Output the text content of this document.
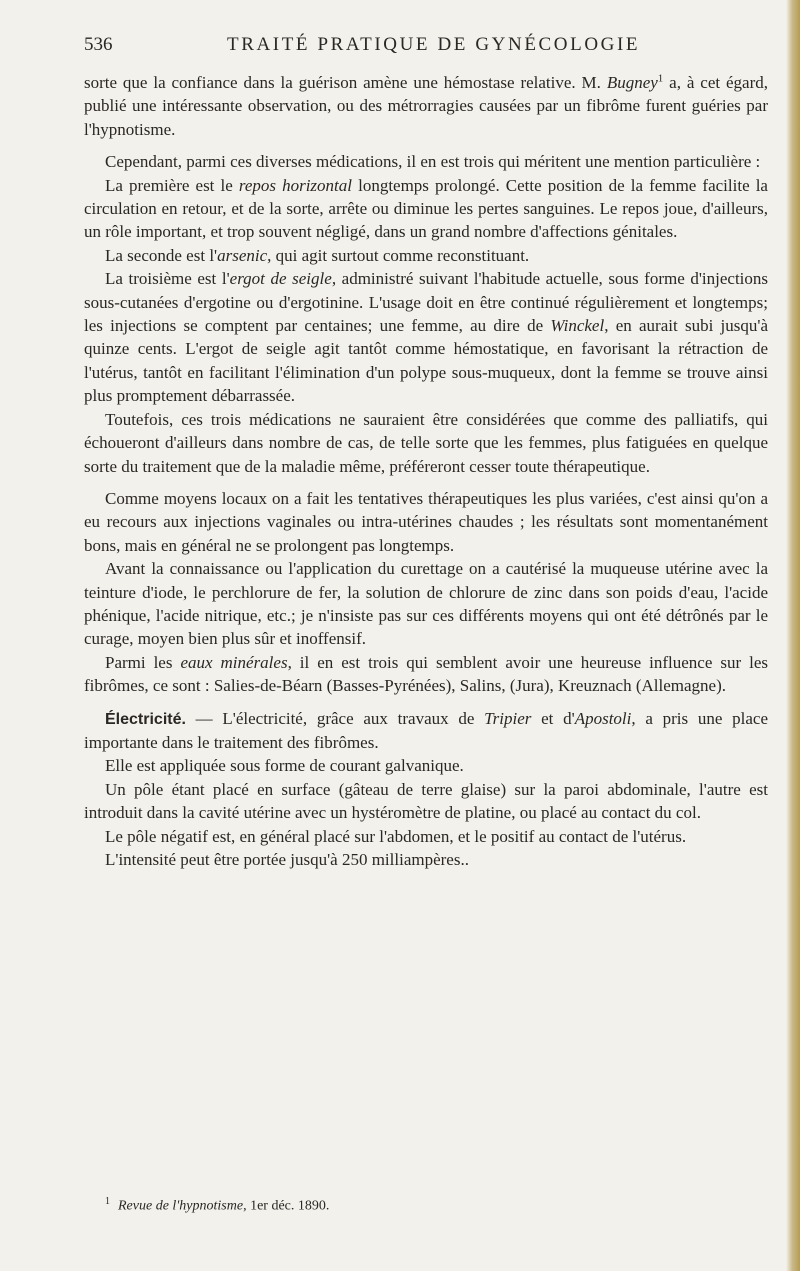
536	TRAITÉ PRATIQUE DE GYNÉCOLOGIE

sorte que la confiance dans la guérison amène une hémostase relative. M. Bugney$^1$ a, à cet égard, publié une intéressante observation, ou des métrorragies causées par un fibrôme furent guéries par l'hypnotisme.

Cependant, parmi ces diverses médications, il en est trois qui méritent une mention particulière :

La première est le repos horizontal longtemps prolongé. Cette position de la femme facilite la circulation en retour, et de la sorte, arrête ou diminue les pertes sanguines. Le repos joue, d'ailleurs, un rôle important, et trop souvent négligé, dans un grand nombre d'affections génitales.

La seconde est l'arsenic, qui agit surtout comme reconstituant.

La troisième est l'ergot de seigle, administré suivant l'habitude actuelle, sous forme d'injections sous-cutanées d'ergotine ou d'ergotinine. L'usage doit en être continué régulièrement et longtemps; les injections se comptent par centaines; une femme, au dire de Winckel, en aurait subi jusqu'à quinze cents. L'ergot de seigle agit tantôt comme hémostatique, en favorisant la rétraction de l'utérus, tantôt en facilitant l'élimination d'un polype sous-muqueux, dont la femme se trouve ainsi plus promptement débarrassée.

Toutefois, ces trois médications ne sauraient être considérées que comme des palliatifs, qui échoueront d'ailleurs dans nombre de cas, de telle sorte que les femmes, plus fatiguées en quelque sorte du traitement que de la maladie même, préféreront cesser toute thérapeutique.

Comme moyens locaux on a fait les tentatives thérapeutiques les plus variées, c'est ainsi qu'on a eu recours aux injections vaginales ou intra-utérines chaudes ; les résultats sont momentanément bons, mais en général ne se prolongent pas longtemps.

Avant la connaissance ou l'application du curettage on a cautérisé la muqueuse utérine avec la teinture d'iode, le perchlorure de fer, la solution de chlorure de zinc dans son poids d'eau, l'acide phénique, l'acide nitrique, etc.; je n'insiste pas sur ces différents moyens qui ont été détrônés par le curage, moyen bien plus sûr et inoffensif.

Parmi les eaux minérales, il en est trois qui semblent avoir une heureuse influence sur les fibrômes, ce sont : Salies-de-Béarn (Basses-Pyrénées), Salins, (Jura), Kreuznach (Allemagne).

Électricité. — L'électricité, grâce aux travaux de Tripier et d'Apostoli, a pris une place importante dans le traitement des fibrômes.

Elle est appliquée sous forme de courant galvanique.

Un pôle étant placé en surface (gâteau de terre glaise) sur la paroi abdominale, l'autre est introduit dans la cavité utérine avec un hystéromètre de platine, ou placé au contact du col.

Le pôle négatif est, en général placé sur l'abdomen, et le positif au contact de l'utérus.

L'intensité peut être portée jusqu'à 250 milliampères..

$^1$ Revue de l'hypnotisme, 1er déc. 1890.
